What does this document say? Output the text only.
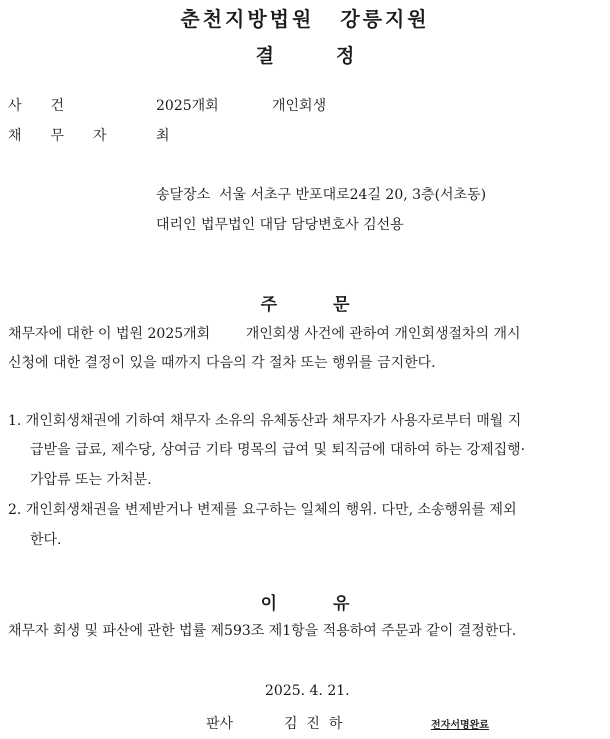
춘천지방법원 강릉지원
결	정
사건	2025개회	개인회생
채무자 최
송달장소 서울 서초구 반포대로24길 20, 3층(서초동)
대리인 법무법인 대담 담당변호사 김선용
주	문
채무자에 대한 이 법원 2025개회        개인회생 사건에 관하여 개인회생절차의 개시
신청에 대한 결정이 있을 때까지 다음의 각 절차 또는 행위를 금지한다.
1. 개인회생채권에 기하여 채무자 소유의 유체동산과 채무자가 사용자로부터 매월 지
급받을 급료, 제수당, 상여금 기타 명목의 급여 및 퇴직금에 대하여 하는 강제집행·
가압류 또는 가처분.
2. 개인회생채권을 변제받거나 변제를 요구하는 일체의 행위. 다만, 소송행위를 제외
한다.
이	유
채무자 회생 및 파산에 관한 법률 제593조 제1항을 적용하여 주문과 같이 결정한다.
2025. 4. 21.
판사	김  진  하	전자서명완료
